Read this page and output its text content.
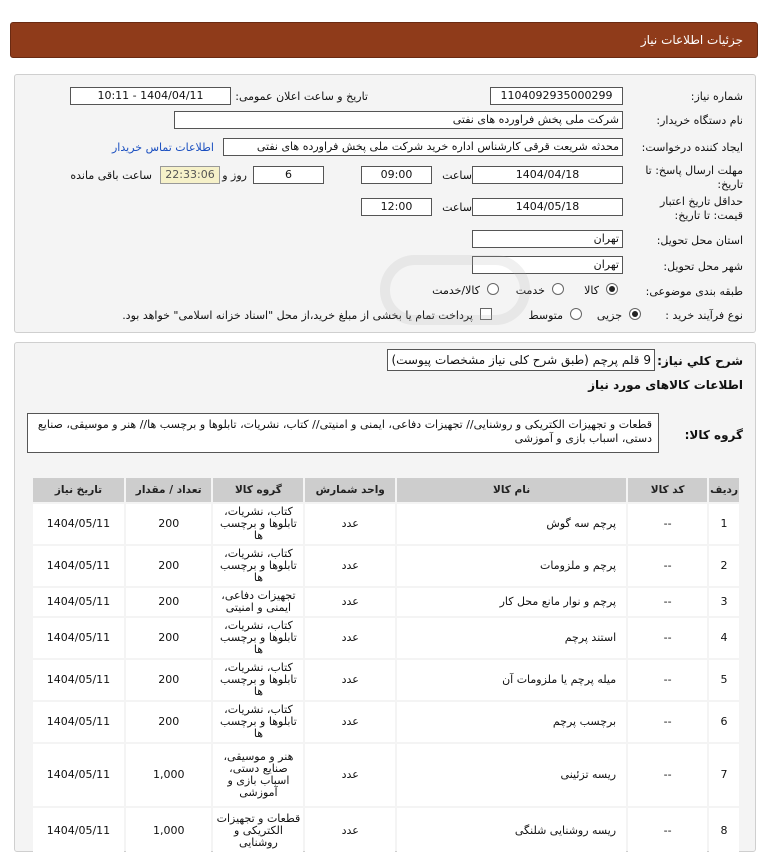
جزئیات اطلاعات نیاز
شماره نیاز:
1104092935000299
تاریخ و ساعت اعلان عمومی:
1404/04/11 - 10:11
نام دستگاه خریدار:
شرکت ملی پخش فراورده های نفتی
ایجاد کننده درخواست:
محدثه شریعت قرقی کارشناس اداره خرید شرکت ملی پخش فراورده های نفتی
اطلاعات تماس خریدار
مهلت ارسال پاسخ: تا
تاریخ:
1404/04/18
ساعت
09:00
6
روز و
22:33:06
ساعت باقی مانده
حداقل تاریخ اعتبار
قیمت: تا تاریخ:
1404/05/18
ساعت
12:00
استان محل تحویل:
تهران
شهر محل تحویل:
تهران
طبقه بندی موضوعی:
کالا
خدمت
کالا/خدمت
نوع فرآیند خرید :
جزیی
متوسط
پرداخت تمام یا بخشی از مبلغ خرید،از محل "اسناد خزانه اسلامی" خواهد بود.
شرح كلي نياز:
9 قلم پرچم (طبق شرح کلی نیاز مشخصات پیوست)
اطلاعات کالاهای مورد نیاز
گروه کالا:
قطعات و تجهیزات الکتریکی و روشنایی// تجهیزات دفاعی، ایمنی و امنیتی// کتاب، نشریات، تابلوها و برچسب ها// هنر و موسیقی، صنایع دستی، اسباب بازی و آموزشی
ردیف	کد کالا	نام کالا	واحد شمارش	گروه کالا	تعداد / مقدار	تاریخ نیاز
1	--	پرچم سه گوش	عدد	کتاب، نشریات، تابلوها و برچسب ها	200	1404/05/11
2	--	پرچم و ملزومات	عدد	کتاب، نشریات، تابلوها و برچسب ها	200	1404/05/11
3	--	پرچم و نوار مانع محل کار	عدد	تجهیزات دفاعی، ایمنی و امنیتی	200	1404/05/11
4	--	استند پرچم	عدد	کتاب، نشریات، تابلوها و برچسب ها	200	1404/05/11
5	--	میله پرچم یا ملزومات آن	عدد	کتاب، نشریات، تابلوها و برچسب ها	200	1404/05/11
6	--	برچسب پرچم	عدد	کتاب، نشریات، تابلوها و برچسب ها	200	1404/05/11
7	--	ریسه تزئینی	عدد	هنر و موسیقی، صنایع دستی، اسباب بازی و آموزشی	1,000	1404/05/11
8	--	ریسه روشنایی شلنگی	عدد	قطعات و تجهیزات الکتریکی و روشنایی	1,000	1404/05/11
